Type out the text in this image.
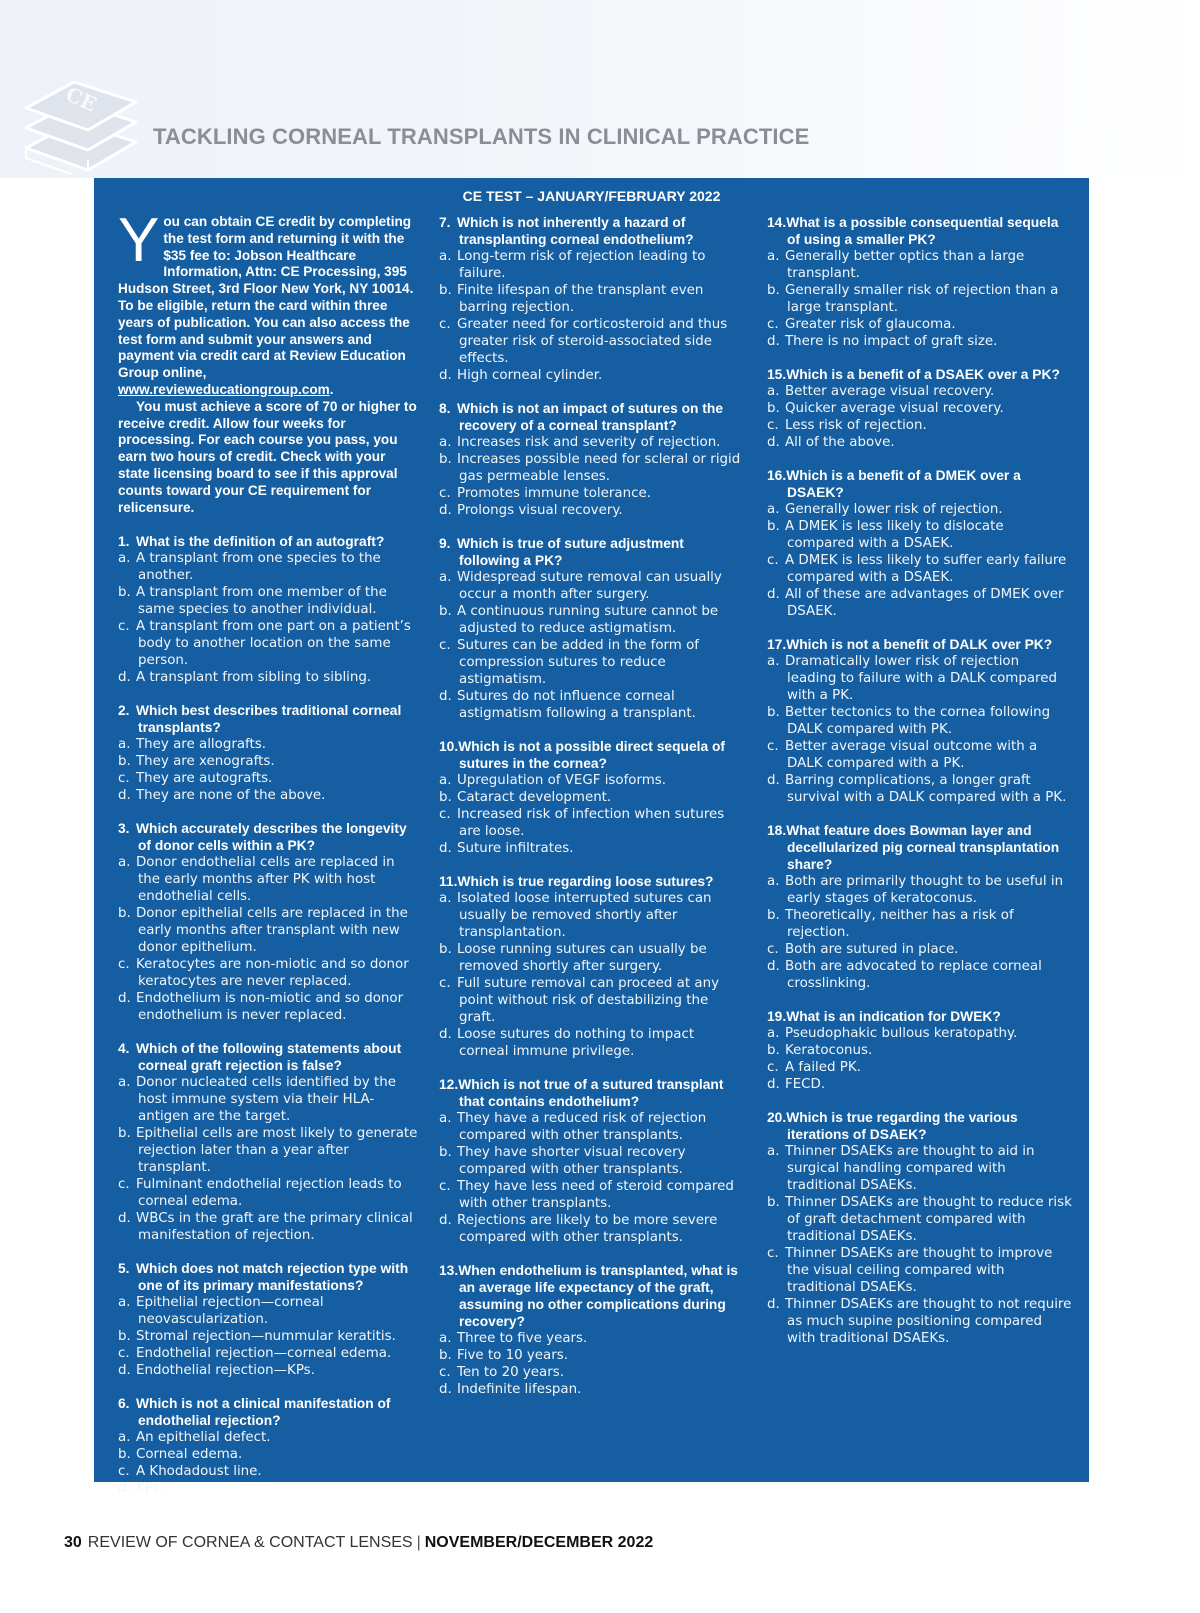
CE
TACKLING CORNEAL TRANSPLANTS IN CLINICAL PRACTICE
CE TEST – JANUARY/FEBRUARY 2022

You can obtain CE credit by completing the test form and returning it with the $35 fee to: Jobson Healthcare Information, Attn: CE Processing, 395 Hudson Street, 3rd Floor New York, NY 10014. To be eligible, return the card within three years of publication. You can also access the test form and submit your answers and payment via credit card at Review Education Group online, www.revieweducationgroup.com.

You must achieve a score of 70 or higher to receive credit. Allow four weeks for processing. For each course you pass, you earn two hours of credit. Check with your state licensing board to see if this approval counts toward your CE requirement for relicensure.

1. What is the definition of an autograft?
a. A transplant from one species to the another.
b. A transplant from one member of the same species to another individual.
c. A transplant from one part on a patient’s body to another location on the same person.
d. A transplant from sibling to sibling.
2. Which best describes traditional corneal transplants?
a. They are allografts.
b. They are xenografts.
c. They are autografts.
d. They are none of the above.
3. Which accurately describes the longevity of donor cells within a PK?
a. Donor endothelial cells are replaced in the early months after PK with host endothelial cells.
b. Donor epithelial cells are replaced in the early months after transplant with new donor epithelium.
c. Keratocytes are non-miotic and so donor keratocytes are never replaced.
d. Endothelium is non-miotic and so donor endothelium is never replaced.
4. Which of the following statements about corneal graft rejection is false?
a. Donor nucleated cells identified by the host immune system via their HLA-antigen are the target.
b. Epithelial cells are most likely to generate rejection later than a year after transplant.
c. Fulminant endothelial rejection leads to corneal edema.
d. WBCs in the graft are the primary clinical manifestation of rejection.
5. Which does not match rejection type with one of its primary manifestations?
a. Epithelial rejection—corneal neovascularization.
b. Stromal rejection—nummular keratitis.
c. Endothelial rejection—corneal edema.
d. Endothelial rejection—KPs.
6. Which is not a clinical manifestation of endothelial rejection?
a. An epithelial defect.
b. Corneal edema.
c. A Khodadoust line.
d. KPs.
7. Which is not inherently a hazard of transplanting corneal endothelium?
a. Long-term risk of rejection leading to failure.
b. Finite lifespan of the transplant even barring rejection.
c. Greater need for corticosteroid and thus greater risk of steroid-associated side effects.
d. High corneal cylinder.
8. Which is not an impact of sutures on the recovery of a corneal transplant?
a. Increases risk and severity of rejection.
b. Increases possible need for scleral or rigid gas permeable lenses.
c. Promotes immune tolerance.
d. Prolongs visual recovery.
9. Which is true of suture adjustment following a PK?
a. Widespread suture removal can usually occur a month after surgery.
b. A continuous running suture cannot be adjusted to reduce astigmatism.
c. Sutures can be added in the form of compression sutures to reduce astigmatism.
d. Sutures do not influence corneal astigmatism following a transplant.
10.Which is not a possible direct sequela of sutures in the cornea?
a. Upregulation of VEGF isoforms.
b. Cataract development.
c. Increased risk of infection when sutures are loose.
d. Suture infiltrates.
11.Which is true regarding loose sutures?
a. Isolated loose interrupted sutures can usually be removed shortly after transplantation.
b. Loose running sutures can usually be removed shortly after surgery.
c. Full suture removal can proceed at any point without risk of destabilizing the graft.
d. Loose sutures do nothing to impact corneal immune privilege.
12.Which is not true of a sutured transplant that contains endothelium?
a. They have a reduced risk of rejection compared with other transplants.
b. They have shorter visual recovery compared with other transplants.
c. They have less need of steroid compared with other transplants.
d. Rejections are likely to be more severe compared with other transplants.
13.When endothelium is transplanted, what is an average life expectancy of the graft, assuming no other complications during recovery?
a. Three to five years.
b. Five to 10 years.
c. Ten to 20 years.
d. Indefinite lifespan.
14.What is a possible consequential sequela of using a smaller PK?
a. Generally better optics than a large transplant.
b. Generally smaller risk of rejection than a large transplant.
c. Greater risk of glaucoma.
d. There is no impact of graft size.
15.Which is a benefit of a DSAEK over a PK?
a. Better average visual recovery.
b. Quicker average visual recovery.
c. Less risk of rejection.
d. All of the above.
16.Which is a benefit of a DMEK over a DSAEK?
a. Generally lower risk of rejection.
b. A DMEK is less likely to dislocate compared with a DSAEK.
c. A DMEK is less likely to suffer early failure compared with a DSAEK.
d. All of these are advantages of DMEK over DSAEK.
17.Which is not a benefit of DALK over PK?
a. Dramatically lower risk of rejection leading to failure with a DALK compared with a PK.
b. Better tectonics to the cornea following DALK compared with PK.
c. Better average visual outcome with a DALK compared with a PK.
d. Barring complications, a longer graft survival with a DALK compared with a PK.
18.What feature does Bowman layer and decellularized pig corneal transplantation share?
a. Both are primarily thought to be useful in early stages of keratoconus.
b. Theoretically, neither has a risk of rejection.
c. Both are sutured in place.
d. Both are advocated to replace corneal crosslinking.
19.What is an indication for DWEK?
a. Pseudophakic bullous keratopathy.
b. Keratoconus.
c. A failed PK.
d. FECD.
20.Which is true regarding the various iterations of DSAEK?
a. Thinner DSAEKs are thought to aid in surgical handling compared with traditional DSAEKs.
b. Thinner DSAEKs are thought to reduce risk of graft detachment compared with traditional DSAEKs.
c. Thinner DSAEKs are thought to improve the visual ceiling compared with traditional DSAEKs.
d. Thinner DSAEKs are thought to not require as much supine positioning compared with traditional DSAEKs.
30 REVIEW OF CORNEA & CONTACT LENSES | NOVEMBER/DECEMBER 2022
